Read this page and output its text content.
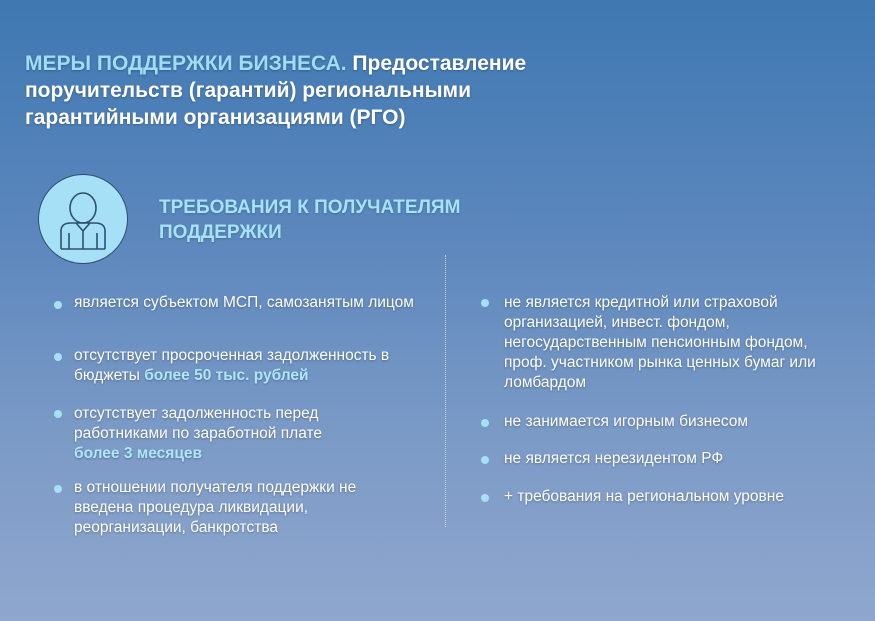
МЕРЫ ПОДДЕРЖКИ БИЗНЕСА. Предоставление поручительств (гарантий) региональными гарантийными организациями (РГО)
ТРЕБОВАНИЯ К ПОЛУЧАТЕЛЯМ ПОДДЕРЖКИ
является субъектом МСП, самозанятым лицом
отсутствует просроченная задолженность в бюджеты более 50 тыс. рублей
отсутствует задолженность перед работниками по заработной плате
более 3 месяцев
в отношении получателя поддержки не введена процедура ликвидации, реорганизации, банкротства
не является кредитной или страховой организацией, инвест. фондом, негосударственным пенсионным фондом, проф. участником рынка ценных бумаг или ломбардом
не занимается игорным бизнесом
не является нерезидентом РФ
+ требования на региональном уровне
